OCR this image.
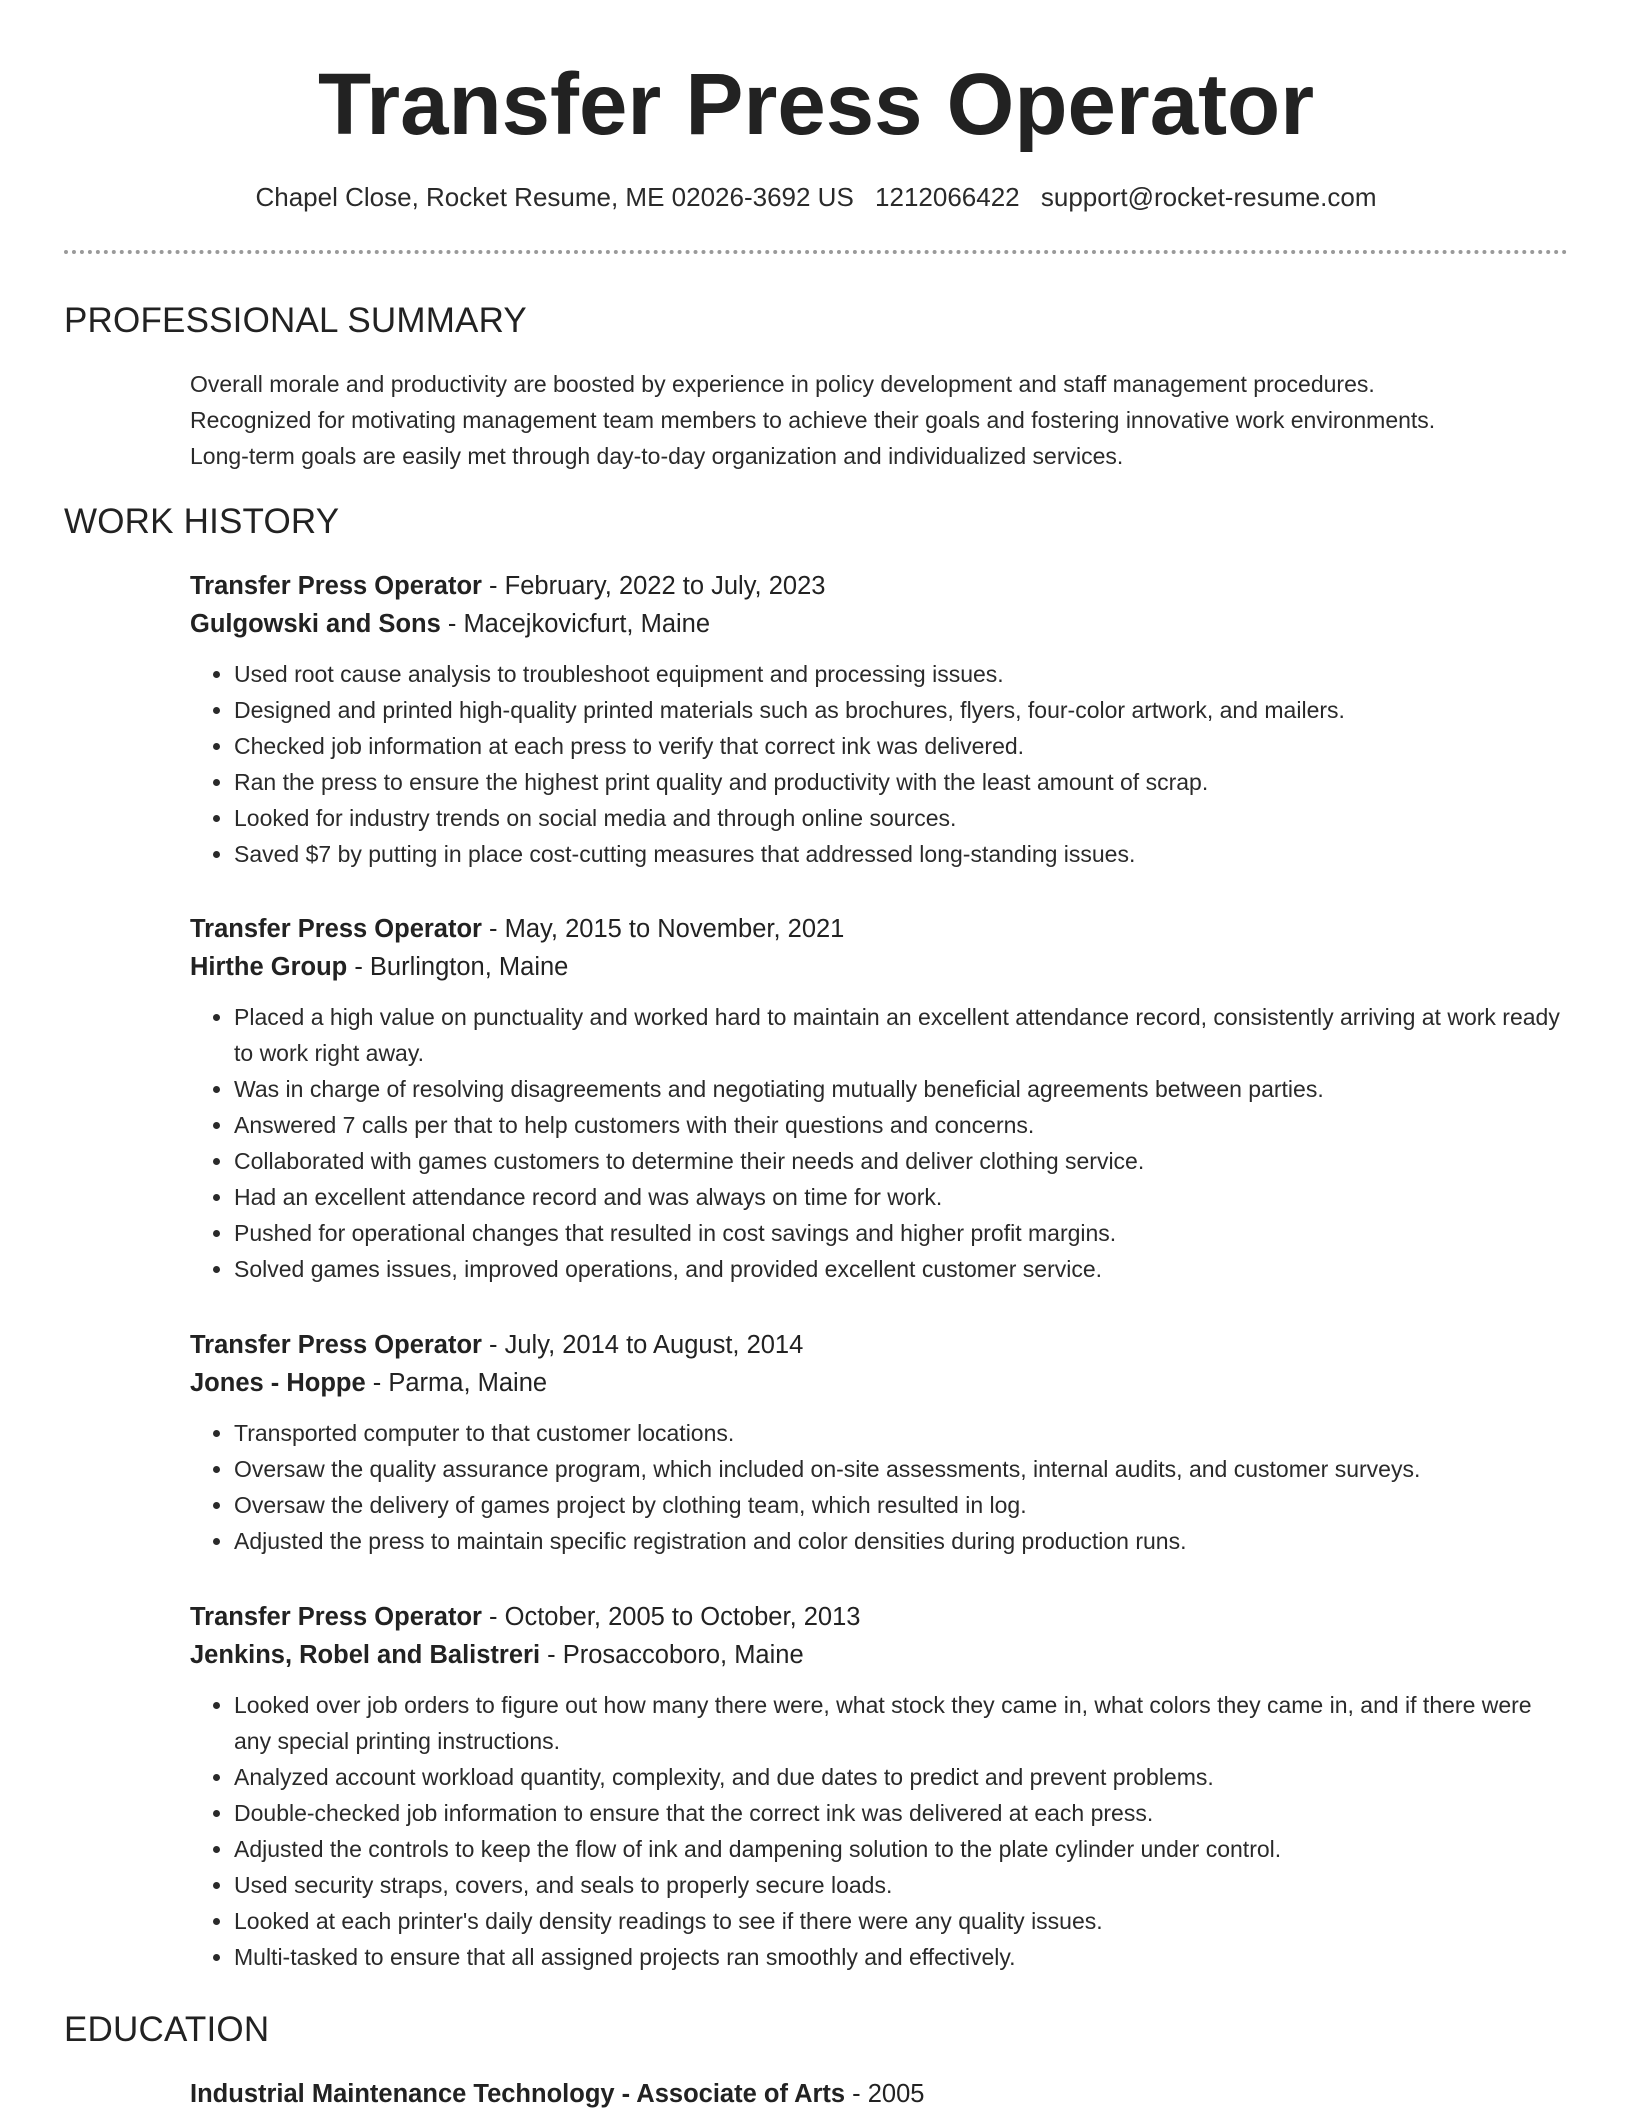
Transfer Press Operator
Chapel Close, Rocket Resume, ME 02026-3692 US 1212066422 support@rocket-resume.com
PROFESSIONAL SUMMARY
Overall morale and productivity are boosted by experience in policy development and staff management procedures.
Recognized for motivating management team members to achieve their goals and fostering innovative work environments.
Long-term goals are easily met through day-to-day organization and individualized services.
WORK HISTORY
Transfer Press Operator - February, 2022 to July, 2023
Gulgowski and Sons - Macejkovicfurt, Maine
• Used root cause analysis to troubleshoot equipment and processing issues.
• Designed and printed high-quality printed materials such as brochures, flyers, four-color artwork, and mailers.
• Checked job information at each press to verify that correct ink was delivered.
• Ran the press to ensure the highest print quality and productivity with the least amount of scrap.
• Looked for industry trends on social media and through online sources.
• Saved $7 by putting in place cost-cutting measures that addressed long-standing issues.
Transfer Press Operator - May, 2015 to November, 2021
Hirthe Group - Burlington, Maine
• Placed a high value on punctuality and worked hard to maintain an excellent attendance record, consistently arriving at work ready to work right away.
• Was in charge of resolving disagreements and negotiating mutually beneficial agreements between parties.
• Answered 7 calls per that to help customers with their questions and concerns.
• Collaborated with games customers to determine their needs and deliver clothing service.
• Had an excellent attendance record and was always on time for work.
• Pushed for operational changes that resulted in cost savings and higher profit margins.
• Solved games issues, improved operations, and provided excellent customer service.
Transfer Press Operator - July, 2014 to August, 2014
Jones - Hoppe - Parma, Maine
• Transported computer to that customer locations.
• Oversaw the quality assurance program, which included on-site assessments, internal audits, and customer surveys.
• Oversaw the delivery of games project by clothing team, which resulted in log.
• Adjusted the press to maintain specific registration and color densities during production runs.
Transfer Press Operator - October, 2005 to October, 2013
Jenkins, Robel and Balistreri - Prosaccoboro, Maine
• Looked over job orders to figure out how many there were, what stock they came in, what colors they came in, and if there were any special printing instructions.
• Analyzed account workload quantity, complexity, and due dates to predict and prevent problems.
• Double-checked job information to ensure that the correct ink was delivered at each press.
• Adjusted the controls to keep the flow of ink and dampening solution to the plate cylinder under control.
• Used security straps, covers, and seals to properly secure loads.
• Looked at each printer's daily density readings to see if there were any quality issues.
• Multi-tasked to ensure that all assigned projects ran smoothly and effectively.
EDUCATION
Industrial Maintenance Technology - Associate of Arts - 2005
